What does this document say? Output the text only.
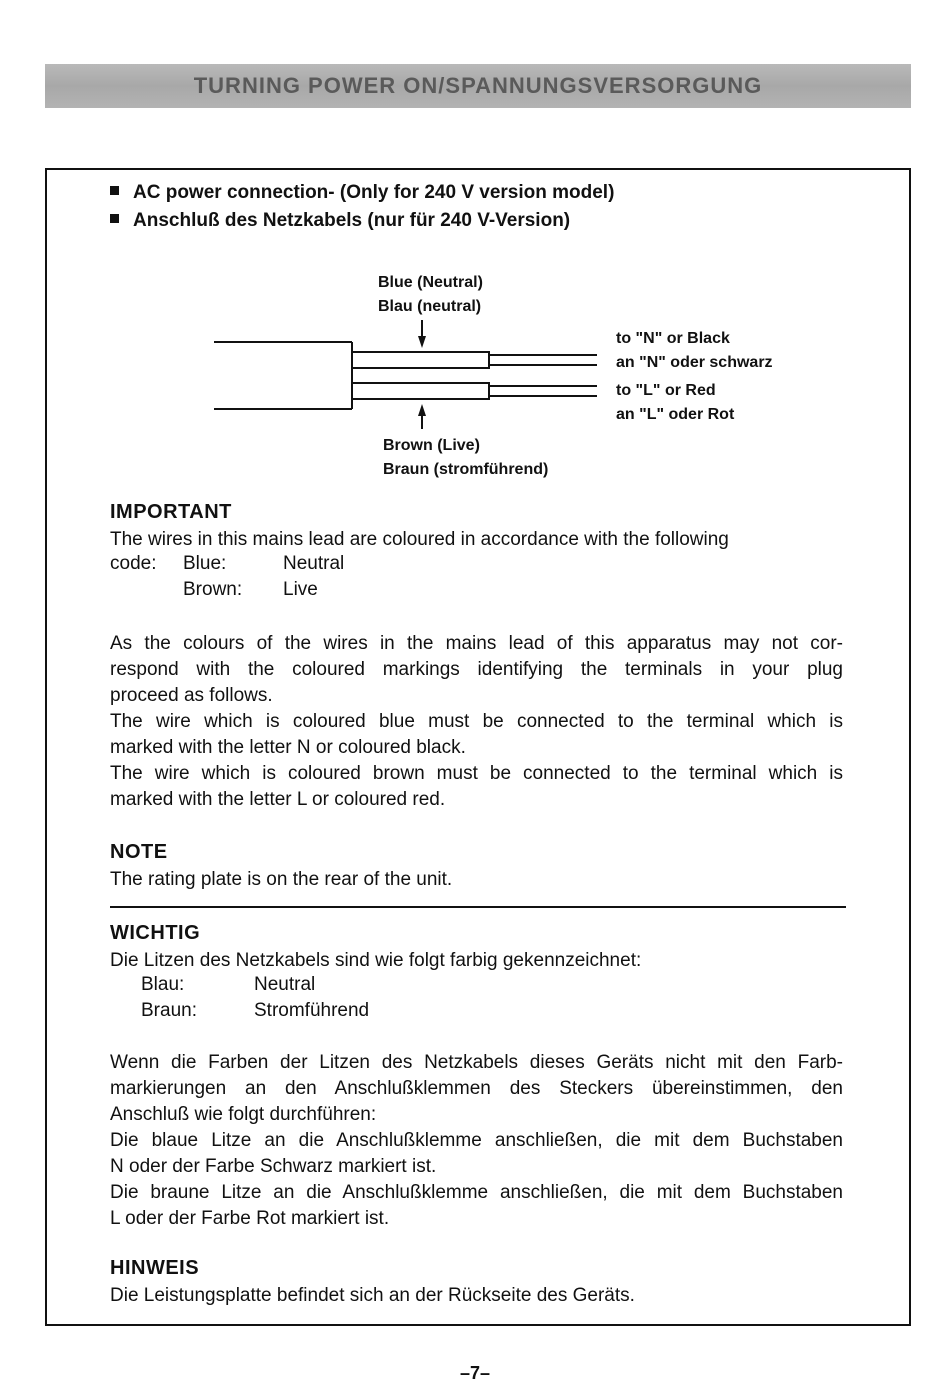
TURNING POWER ON/SPANNUNGSVERSORGUNG
AC power connection- (Only for 240 V version model)
Anschluß des Netzkabels (nur für 240 V-Version)
Blue (Neutral)
Blau (neutral)
Brown (Live)
Braun (stromführend)
to "N" or Black
an "N" oder schwarz
to "L" or Red
an "L" oder Rot
IMPORTANT
The wires in this mains lead are coloured in accordance with the following
code: Blue:	Neutral
Brown: Live
As the colours of the wires in the mains lead of this apparatus may not cor-
respond with the coloured markings identifying the terminals in your plug
proceed as follows.
The wire which is coloured blue must be connected to the terminal which is
marked with the letter N or coloured black.
The wire which is coloured brown must be connected to the terminal which is
marked with the letter L or coloured red.
NOTE
The rating plate is on the rear of the unit.
WICHTIG
Die Litzen des Netzkabels sind wie folgt farbig gekennzeichnet:
Blau:	Neutral
Braun:	Stromführend
Wenn die Farben der Litzen des Netzkabels dieses Geräts nicht mit den Farb-
markierungen an den Anschlußklemmen des Steckers übereinstimmen, den
Anschluß wie folgt durchführen:
Die blaue Litze an die Anschlußklemme anschließen, die mit dem Buchstaben
N oder der Farbe Schwarz markiert ist.
Die braune Litze an die Anschlußklemme anschließen, die mit dem Buchstaben
L oder der Farbe Rot markiert ist.
HINWEIS
Die Leistungsplatte befindet sich an der Rückseite des Geräts.
–7–
